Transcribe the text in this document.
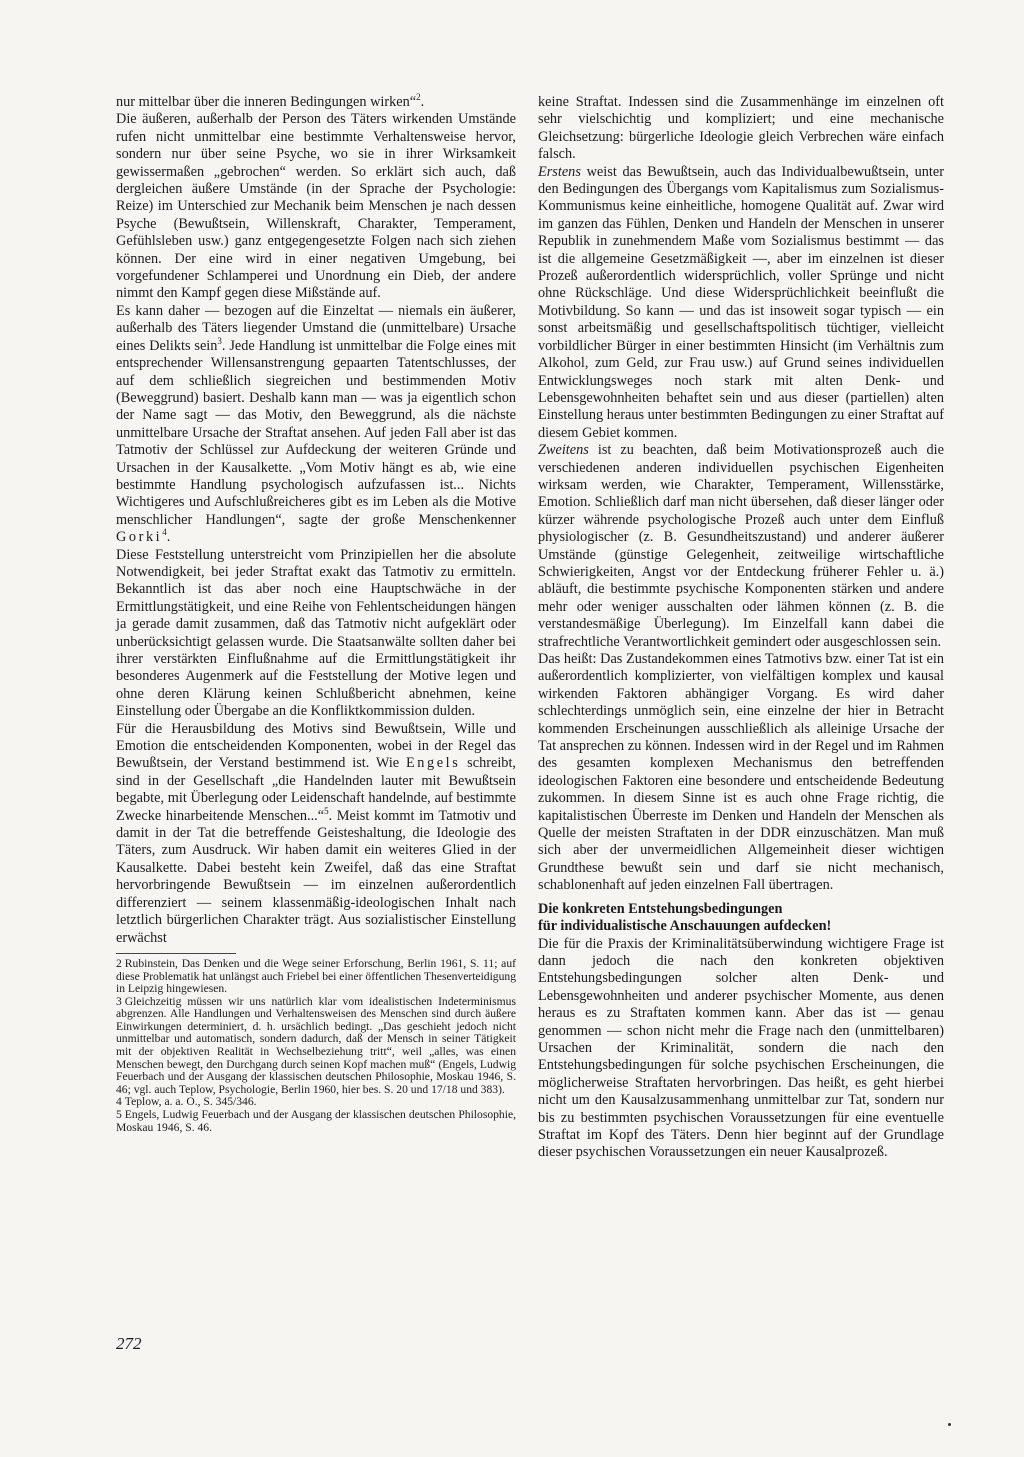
nur mittelbar über die inneren Bedingungen wirken“$^2$.

Die äußeren, außerhalb der Person des Täters wirkenden Umstände rufen nicht unmittelbar eine bestimmte Verhaltensweise hervor, sondern nur über seine Psyche, wo sie in ihrer Wirksamkeit gewissermaßen „gebrochen“ werden. So erklärt sich auch, daß dergleichen äußere Umstände (in der Sprache der Psychologie: Reize) im Unterschied zur Mechanik beim Menschen je nach dessen Psyche (Bewußtsein, Willenskraft, Charakter, Temperament, Gefühlsleben usw.) ganz entgegengesetzte Folgen nach sich ziehen können. Der eine wird in einer negativen Umgebung, bei vorgefundener Schlamperei und Unordnung ein Dieb, der andere nimmt den Kampf gegen diese Mißstände auf.

Es kann daher — bezogen auf die Einzeltat — niemals ein äußerer, außerhalb des Täters liegender Umstand die (unmittelbare) Ursache eines Delikts sein$^3$. Jede Handlung ist unmittelbar die Folge eines mit entsprechender Willensanstrengung gepaarten Tatentschlusses, der auf dem schließlich siegreichen und bestimmenden Motiv (Beweggrund) basiert. Deshalb kann man — was ja eigentlich schon der Name sagt — das Motiv, den Beweggrund, als die nächste unmittelbare Ursache der Straftat ansehen. Auf jeden Fall aber ist das Tatmotiv der Schlüssel zur Aufdeckung der weiteren Gründe und Ursachen in der Kausalkette. „Vom Motiv hängt es ab, wie eine bestimmte Handlung psychologisch aufzufassen ist... Nichts Wichtigeres und Aufschlußreicheres gibt es im Leben als die Motive menschlicher Handlungen“, sagte der große Menschenkenner Gorki$^4$.

Diese Feststellung unterstreicht vom Prinzipiellen her die absolute Notwendigkeit, bei jeder Straftat exakt das Tatmotiv zu ermitteln. Bekanntlich ist das aber noch eine Hauptschwäche in der Ermittlungstätigkeit, und eine Reihe von Fehlentscheidungen hängen ja gerade damit zusammen, daß das Tatmotiv nicht aufgeklärt oder unberücksichtigt gelassen wurde. Die Staatsanwälte sollten daher bei ihrer verstärkten Einflußnahme auf die Ermittlungstätigkeit ihr besonderes Augenmerk auf die Feststellung der Motive legen und ohne deren Klärung keinen Schlußbericht abnehmen, keine Einstellung oder Übergabe an die Konfliktkommission dulden.

Für die Herausbildung des Motivs sind Bewußtsein, Wille und Emotion die entscheidenden Komponenten, wobei in der Regel das Bewußtsein, der Verstand bestimmend ist. Wie Engels schreibt, sind in der Gesellschaft „die Handelnden lauter mit Bewußtsein begabte, mit Überlegung oder Leidenschaft handelnde, auf bestimmte Zwecke hinarbeitende Menschen...“$^5$. Meist kommt im Tatmotiv und damit in der Tat die betreffende Geisteshaltung, die Ideologie des Täters, zum Ausdruck. Wir haben damit ein weiteres Glied in der Kausalkette. Dabei besteht kein Zweifel, daß das eine Straftat hervorbringende Bewußtsein — im einzelnen außerordentlich differenziert — seinem klassenmäßig-ideologischen Inhalt nach letztlich bürgerlichen Charakter trägt. Aus sozialistischer Einstellung erwächst

2 Rubinstein, Das Denken und die Wege seiner Erforschung, Berlin 1961, S. 11; auf diese Problematik hat unlängst auch Friebel bei einer öffentlichen Thesenverteidigung in Leipzig hingewiesen.

3 Gleichzeitig müssen wir uns natürlich klar vom idealistischen Indeterminismus abgrenzen. Alle Handlungen und Verhaltensweisen des Menschen sind durch äußere Einwirkungen determiniert, d. h. ursächlich bedingt. „Das geschieht jedoch nicht unmittelbar und automatisch, sondern dadurch, daß der Mensch in seiner Tätigkeit mit der objektiven Realität in Wechselbeziehung tritt“, weil „alles, was einen Menschen bewegt, den Durchgang durch seinen Kopf machen muß“ (Engels, Ludwig Feuerbach und der Ausgang der klassischen deutschen Philosophie, Moskau 1946, S. 46; vgl. auch Teplow, Psychologie, Berlin 1960, hier bes. S. 20 und 17/18 und 383).

4 Teplow, a. a. O., S. 345/346.

5 Engels, Ludwig Feuerbach und der Ausgang der klassischen deutschen Philosophie, Moskau 1946, S. 46.

keine Straftat. Indessen sind die Zusammenhänge im einzelnen oft sehr vielschichtig und kompliziert; und eine mechanische Gleichsetzung: bürgerliche Ideologie gleich Verbrechen wäre einfach falsch.

Erstens weist das Bewußtsein, auch das Individualbewußtsein, unter den Bedingungen des Übergangs vom Kapitalismus zum Sozialismus-Kommunismus keine einheitliche, homogene Qualität auf. Zwar wird im ganzen das Fühlen, Denken und Handeln der Menschen in unserer Republik in zunehmendem Maße vom Sozialismus bestimmt — das ist die allgemeine Gesetzmäßigkeit —, aber im einzelnen ist dieser Prozeß außerordentlich widersprüchlich, voller Sprünge und nicht ohne Rückschläge. Und diese Widersprüchlichkeit beeinflußt die Motivbildung. So kann — und das ist insoweit sogar typisch — ein sonst arbeitsmäßig und gesellschaftspolitisch tüchtiger, vielleicht vorbildlicher Bürger in einer bestimmten Hinsicht (im Verhältnis zum Alkohol, zum Geld, zur Frau usw.) auf Grund seines individuellen Entwicklungsweges noch stark mit alten Denk- und Lebensgewohnheiten behaftet sein und aus dieser (partiellen) alten Einstellung heraus unter bestimmten Bedingungen zu einer Straftat auf diesem Gebiet kommen.

Zweitens ist zu beachten, daß beim Motivationsprozeß auch die verschiedenen anderen individuellen psychischen Eigenheiten wirksam werden, wie Charakter, Temperament, Willensstärke, Emotion. Schließlich darf man nicht übersehen, daß dieser länger oder kürzer währende psychologische Prozeß auch unter dem Einfluß physiologischer (z. B. Gesundheitszustand) und anderer äußerer Umstände (günstige Gelegenheit, zeitweilige wirtschaftliche Schwierigkeiten, Angst vor der Entdeckung früherer Fehler u. ä.) abläuft, die bestimmte psychische Komponenten stärken und andere mehr oder weniger ausschalten oder lähmen können (z. B. die verstandesmäßige Überlegung). Im Einzelfall kann dabei die strafrechtliche Verantwortlichkeit gemindert oder ausgeschlossen sein.

Das heißt: Das Zustandekommen eines Tatmotivs bzw. einer Tat ist ein außerordentlich komplizierter, von vielfältigen komplex und kausal wirkenden Faktoren abhängiger Vorgang. Es wird daher schlechterdings unmöglich sein, eine einzelne der hier in Betracht kommenden Erscheinungen ausschließlich als alleinige Ursache der Tat ansprechen zu können. Indessen wird in der Regel und im Rahmen des gesamten komplexen Mechanismus den betreffenden ideologischen Faktoren eine besondere und entscheidende Bedeutung zukommen. In diesem Sinne ist es auch ohne Frage richtig, die kapitalistischen Überreste im Denken und Handeln der Menschen als Quelle der meisten Straftaten in der DDR einzuschätzen. Man muß sich aber der unvermeidlichen Allgemeinheit dieser wichtigen Grundthese bewußt sein und darf sie nicht mechanisch, schablonenhaft auf jeden einzelnen Fall übertragen.

Die konkreten Entstehungsbedingungen
für individualistische Anschauungen aufdecken!

Die für die Praxis der Kriminalitätsüberwindung wichtigere Frage ist dann jedoch die nach den konkreten objektiven Entstehungsbedingungen solcher alten Denk- und Lebensgewohnheiten und anderer psychischer Momente, aus denen heraus es zu Straftaten kommen kann. Aber das ist — genau genommen — schon nicht mehr die Frage nach den (unmittelbaren) Ursachen der Kriminalität, sondern die nach den Entstehungsbedingungen für solche psychischen Erscheinungen, die möglicherweise Straftaten hervorbringen. Das heißt, es geht hierbei nicht um den Kausalzusammenhang unmittelbar zur Tat, sondern nur bis zu bestimmten psychischen Voraussetzungen für eine eventuelle Straftat im Kopf des Täters. Denn hier beginnt auf der Grundlage dieser psychischen Voraussetzungen ein neuer Kausalprozeß.

272
